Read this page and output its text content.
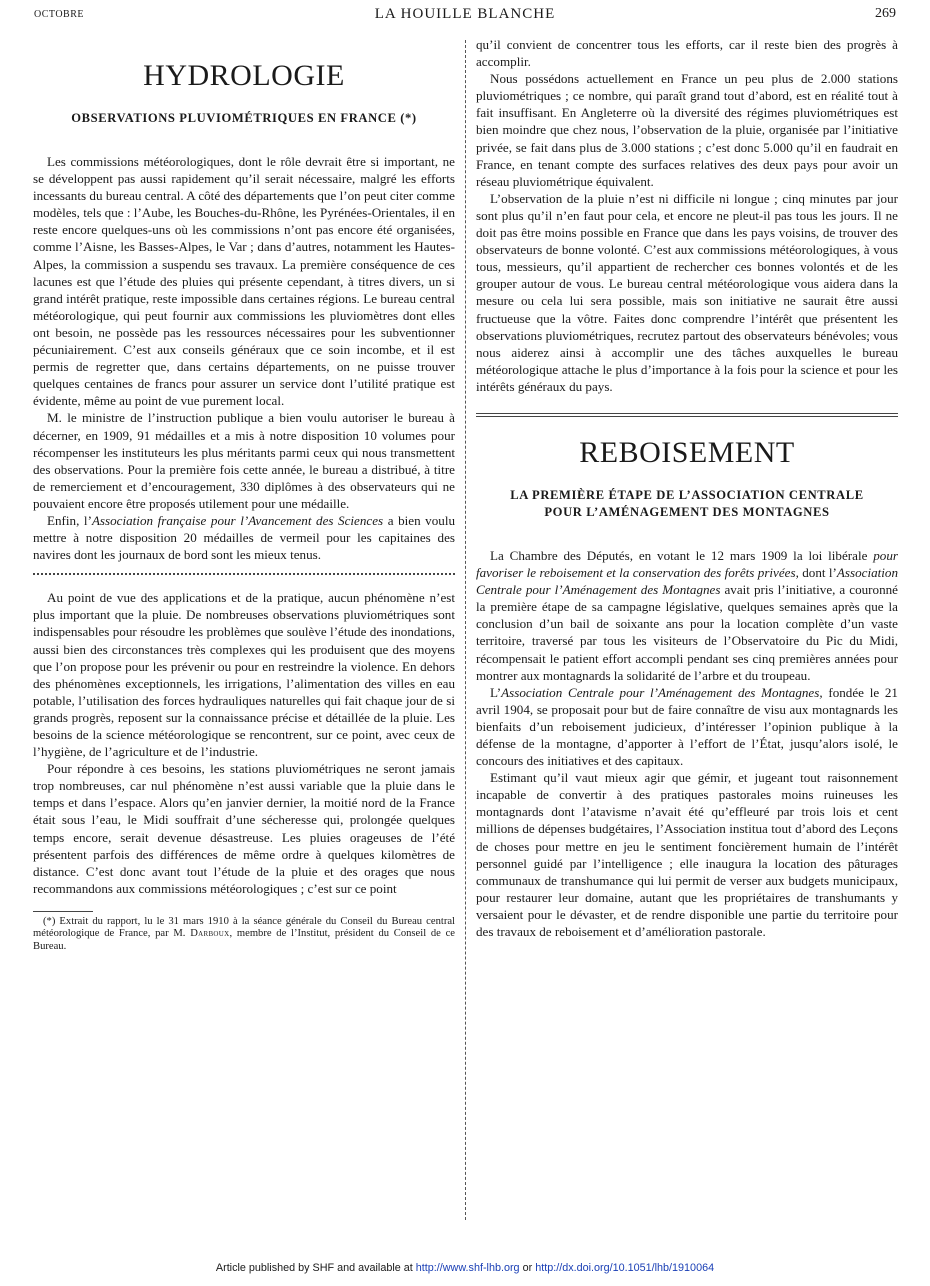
OCTOBRE	LA HOUILLE BLANCHE	269
HYDROLOGIE
OBSERVATIONS PLUVIOMÉTRIQUES EN FRANCE (*)

Les commissions météorologiques, dont le rôle devrait être si important, ne se développent pas aussi rapidement qu’il serait nécessaire, malgré les efforts incessants du bureau central. A côté des départements que l’on peut citer comme modèles, tels que : l’Aube, les Bouches-du-Rhône, les Pyrénées-Orientales, il en reste encore quelques-uns où les commissions n’ont pas encore été organisées, comme l’Aisne, les Basses-Alpes, le Var ; dans d’autres, notamment les Hautes-Alpes, la commission a suspendu ses travaux. La première conséquence de ces lacunes est que l’étude des pluies qui présente cependant, à titres divers, un si grand intérêt pratique, reste impossible dans certaines régions. Le bureau central météorologique, qui peut fournir aux commissions les pluviomètres dont elles ont besoin, ne possède pas les ressources nécessaires pour les subventionner pécuniairement. C’est aux conseils généraux que ce soin incombe, et il est permis de regretter que, dans certains départements, on ne puisse trouver quelques centaines de francs pour assurer un service dont l’utilité pratique est évidente, même au point de vue purement local.

M. le ministre de l’instruction publique a bien voulu autoriser le bureau à décerner, en 1909, 91 médailles et a mis à notre disposition 10 volumes pour récompenser les instituteurs les plus méritants parmi ceux qui nous transmettent des observations. Pour la première fois cette année, le bureau a distribué, à titre de remerciement et d’encouragement, 330 diplômes à des observateurs qui ne pouvaient encore être proposés utilement pour une médaille.

Enfin, l’Association française pour l’Avancement des Sciences a bien voulu mettre à notre disposition 20 médailles de vermeil pour les capitaines des navires dont les journaux de bord sont les mieux tenus.

Au point de vue des applications et de la pratique, aucun phénomène n’est plus important que la pluie. De nombreuses observations pluviométriques sont indispensables pour résoudre les problèmes que soulève l’étude des inondations, aussi bien des circonstances très complexes qui les produisent que des moyens que l’on propose pour les prévenir ou pour en restreindre la violence. En dehors des phénomènes exceptionnels, les irrigations, l’alimentation des villes en eau potable, l’utilisation des forces hydrauliques naturelles qui fait chaque jour de si grands progrès, reposent sur la connaissance précise et détaillée de la pluie. Les besoins de la science météorologique se rencontrent, sur ce point, avec ceux de l’hygiène, de l’agriculture et de l’industrie.

Pour répondre à ces besoins, les stations pluviométriques ne seront jamais trop nombreuses, car nul phénomène n’est aussi variable que la pluie dans le temps et dans l’espace. Alors qu’en janvier dernier, la moitié nord de la France était sous l’eau, le Midi souffrait d’une sécheresse qui, prolongée quelques temps encore, serait devenue désastreuse. Les pluies orageuses de l’été présentent parfois des différences de même ordre à quelques kilomètres de distance. C’est donc avant tout l’étude de la pluie et des orages que nous recommandons aux commissions météorologiques ; c’est sur ce point

(*) Extrait du rapport, lu le 31 mars 1910 à la séance générale du Conseil du Bureau central météorologique de France, par M. Darboux, membre de l’Institut, président du Conseil de ce Bureau.

qu’il convient de concentrer tous les efforts, car il reste bien des progrès à accomplir.

Nous possédons actuellement en France un peu plus de 2.000 stations pluviométriques ; ce nombre, qui paraît grand tout d’abord, est en réalité tout à fait insuffisant. En Angleterre où la diversité des régimes pluviométriques est bien moindre que chez nous, l’observation de la pluie, organisée par l’initiative privée, se fait dans plus de 3.000 stations ; c’est donc 5.000 qu’il en faudrait en France, en tenant compte des surfaces relatives des deux pays pour avoir un réseau pluviométrique équivalent.

L’observation de la pluie n’est ni difficile ni longue ; cinq minutes par jour sont plus qu’il n’en faut pour cela, et encore ne pleut-il pas tous les jours. Il ne doit pas être moins possible en France que dans les pays voisins, de trouver des observateurs de bonne volonté. C’est aux commissions météorologiques, à vous tous, messieurs, qu’il appartient de rechercher ces bonnes volontés et de les grouper autour de vous. Le bureau central météorologique vous aidera dans la mesure ou cela lui sera possible, mais son initiative ne saurait être aussi fructueuse que la vôtre. Faites donc comprendre l’intérêt que présentent les observations pluviométriques, recrutez partout des observateurs bénévoles; vous nous aiderez ainsi à accomplir une des tâches auxquelles le bureau météorologique attache le plus d’importance à la fois pour la science et pour les intérêts généraux du pays.

REBOISEMENT
LA PREMIÈRE ÉTAPE DE L’ASSOCIATION CENTRALE
POUR L’AMÉNAGEMENT DES MONTAGNES

La Chambre des Députés, en votant le 12 mars 1909 la loi libérale pour favoriser le reboisement et la conservation des forêts privées, dont l’Association Centrale pour l’Aménagement des Montagnes avait pris l’initiative, a couronné la première étape de sa campagne législative, quelques semaines après que la conclusion d’un bail de soixante ans pour la location complète d’un vaste territoire, traversé par tous les visiteurs de l’Observatoire du Pic du Midi, récompensait le patient effort accompli pendant ses cinq premières années pour montrer aux montagnards la solidarité de l’arbre et du troupeau.

L’Association Centrale pour l’Aménagement des Montagnes, fondée le 21 avril 1904, se proposait pour but de faire connaître de visu aux montagnards les bienfaits d’un reboisement judicieux, d’intéresser l’opinion publique à la défense de la montagne, d’apporter à l’effort de l’État, jusqu’alors isolé, le concours des initiatives et des capitaux.

Estimant qu’il vaut mieux agir que gémir, et jugeant tout raisonnement incapable de convertir à des pratiques pastorales moins ruineuses les montagnards dont l’atavisme n’avait été qu’effleuré par trois lois et cent millions de dépenses budgétaires, l’Association institua tout d’abord des Leçons de choses pour mettre en jeu le sentiment foncièrement humain de l’intérêt personnel guidé par l’intelligence ; elle inaugura la location des pâturages communaux de transhumance qui lui permit de verser aux budgets municipaux, pour restaurer leur domaine, autant que les propriétaires de transhumants y versaient pour le dévaster, et de rendre disponible une partie du territoire pour des travaux de reboisement et d’amélioration pastorale.

Article published by SHF and available at http://www.shf-lhb.org or http://dx.doi.org/10.1051/lhb/1910064
